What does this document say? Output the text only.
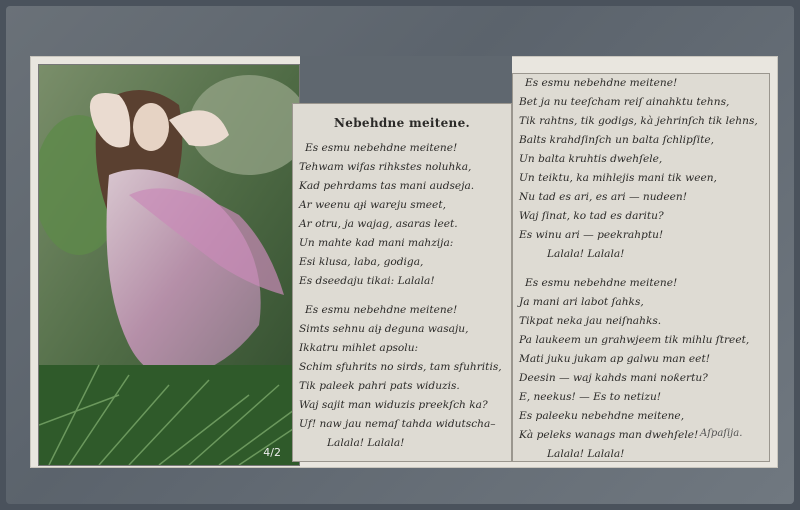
4/2
Nebehdne meitene.
Es esmu nebehdne meitene!
Tehwam wifas rihkstes noluhka,
Kad pehrdams tas mani audseja.
Ar weenu aɟi wareju smeet,
Ar otru, ja wajag, asaras leet.
Un mahte kad mani mahzija:
Esi klusa, laba, godiga,
Es dseedaju tikai: Lalala!
Es esmu nebehdne meitene!
Simts sehnu aiɟ deguna wasaju,
Ikkatru mihlet apsolu:
Schim sfuhrits no sirds, tam sfuhritis,
Tik paleek pahri pats widuzis.
Waj sajit man widuzis preekſch ka?
Uf! naw jau nemaſ tahda widutscha–
Lalala! Lalala!
Es esmu nebehdne meitene!
Bet ja nu teeſcham reiſ ainahktu tehns,
Tik rahtns, tik godigs, kà jehrinſch tik lehns,
Balts krahdſinſch un balta ſchlipſite,
Un balta kruhtis dwehſele,
Un teiktu, ka mihlejis mani tik ween,
Nu tad es ari, es ari — nudeen!
Waj ſinat, ko tad es daritu?
Es winu ari — peekrahptu!
Lalala! Lalala!
Es esmu nebehdne meitene!
Ja mani ari labot ſahks,
Tikpat neka jau neiſnahks.
Pa laukeem un grahwjeem tik mihlu ſtreet,
Mati juku jukam ap galwu man eet!
Deesin — waj kahds mani noƙertu?
E, neekus! — Es to netizu!
Es paleeku nebehdne meitene,
Kà peleks wanags man dwehſele!
Lalala! Lalala!
Aſpaſija.
